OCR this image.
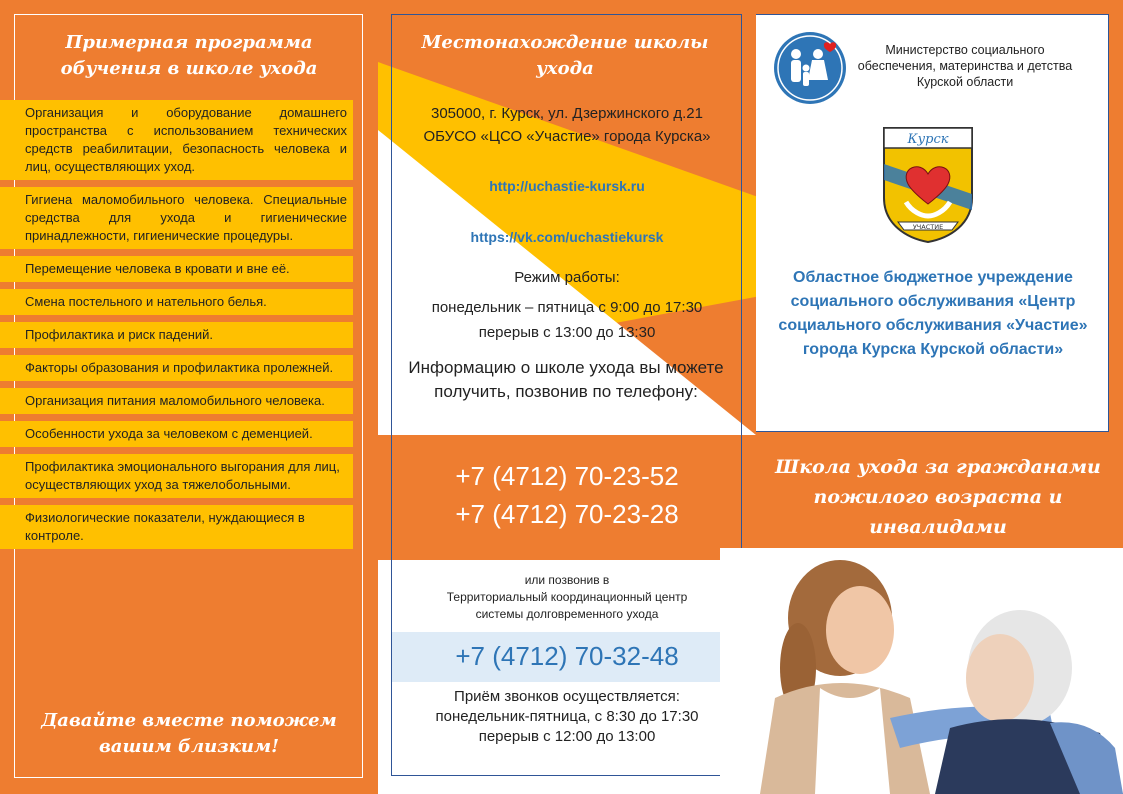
Примерная программа обучения в школе ухода
Организация и оборудование домашнего пространства с использованием технических средств реабилитации, безопасность человека и лиц, осуществляющих уход.
Гигиена маломобильного человека. Специальные средства для ухода и гигиенические принадлежности, гигиенические процедуры.
Перемещение человека в кровати и вне её.
Смена постельного и нательного белья.
Профилактика и риск падений.
Факторы образования и профилактика пролежней.
Организация питания маломобильного человека.
Особенности ухода за человеком с деменцией.
Профилактика эмоционального выгорания для лиц, осуществляющих уход за тяжелобольными.
Физиологические показатели, нуждающиеся в контроле.
Давайте вместе поможем вашим близким!
Местонахождение школы ухода
305000, г. Курск, ул. Дзержинского д.21
ОБУСО «ЦСО «Участие» города Курска»
http://uchastie-kursk.ru
https://vk.com/uchastiekursk
Режим работы:
понедельник – пятница с 9:00 до 17:30
перерыв с 13:00 до 13:30
Информацию о школе ухода вы можете получить, позвонив по телефону:
+7 (4712) 70-23-52
+7 (4712) 70-23-28
или позвонив в
Территориальный координационный центр
системы долговременного ухода
+7 (4712) 70-32-48
Приём звонков осуществляется:
понедельник-пятница, с 8:30 до 17:30
перерыв с 12:00 до 13:00
Министерство социального обеспечения, материнства и детства Курской области
Курск
УЧАСТИЕ
Областное бюджетное учреждение социального обслуживания «Центр социального обслуживания «Участие» города Курска Курской области»
Школа ухода за гражданами пожилого возраста и инвалидами
